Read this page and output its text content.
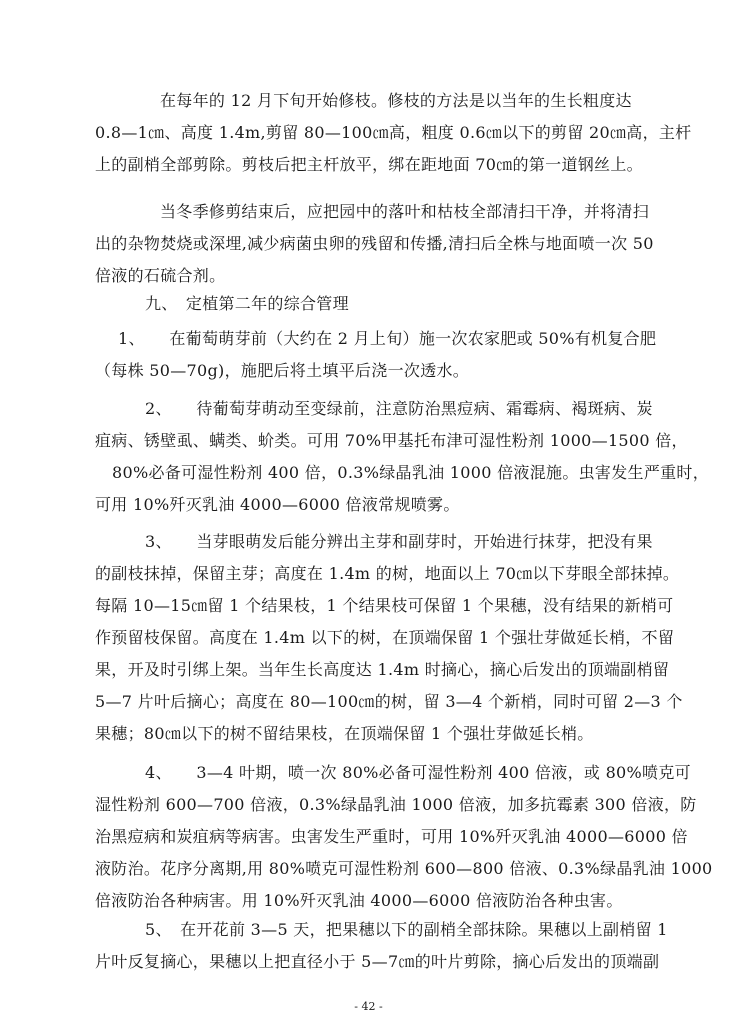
在每年的 12 月下旬开始修枝。修枝的方法是以当年的生长粗度达
0.8—1㎝、高度 1.4m,剪留 80—100㎝高，粗度 0.6㎝以下的剪留 20㎝高，主杆
上的副梢全部剪除。剪枝后把主杆放平，绑在距地面 70㎝的第一道钢丝上。
当冬季修剪结束后，应把园中的落叶和枯枝全部清扫干净，并将清扫
出的杂物焚烧或深埋,减少病菌虫卵的残留和传播,清扫后全株与地面喷一次 50
倍液的石硫合剂。
九、　定植第二年的综合管理
1、　　在葡萄萌芽前（大约在 2 月上旬）施一次农家肥或 50%有机复合肥
（每株 50—70g)，施肥后将土填平后浇一次透水。
2、　　待葡萄芽萌动至变绿前，注意防治黑痘病、霜霉病、褐斑病、炭
疽病、锈壁虱、螨类、蚧类。可用 70%甲基托布津可湿性粉剂 1000—1500 倍，
80%必备可湿性粉剂 400 倍，0.3%绿晶乳油 1000 倍液混施。虫害发生严重时，
可用 10%歼灭乳油 4000—6000 倍液常规喷雾。
3、　　当芽眼萌发后能分辨出主芽和副芽时，开始进行抹芽，把没有果
的副枝抹掉，保留主芽；高度在 1.4m 的树，地面以上 70㎝以下芽眼全部抹掉。
每隔 10—15㎝留 1 个结果枝，1 个结果枝可保留 1 个果穗，没有结果的新梢可
作预留枝保留。高度在 1.4m 以下的树，在顶端保留 1 个强壮芽做延长梢，不留
果，开及时引绑上架。当年生长高度达 1.4m 时摘心，摘心后发出的顶端副梢留
5—7 片叶后摘心；高度在 80—100㎝的树，留 3—4 个新梢，同时可留 2—3 个
果穗；80㎝以下的树不留结果枝，在顶端保留 1 个强壮芽做延长梢。
4、　　3—4 叶期，喷一次 80%必备可湿性粉剂 400 倍液，或 80%喷克可
湿性粉剂 600—700 倍液，0.3%绿晶乳油 1000 倍液，加多抗霉素 300 倍液，防
治黑痘病和炭疽病等病害。虫害发生严重时，可用 10%歼灭乳油 4000—6000 倍
液防治。花序分离期,用 80%喷克可湿性粉剂 600—800 倍液、0.3%绿晶乳油 1000
倍液防治各种病害。用 10%歼灭乳油 4000—6000 倍液防治各种虫害。
5、　在开花前 3—5 天，把果穗以下的副梢全部抹除。果穗以上副梢留 1
片叶反复摘心，果穗以上把直径小于 5—7㎝的叶片剪除，摘心后发出的顶端副
- 42 -
